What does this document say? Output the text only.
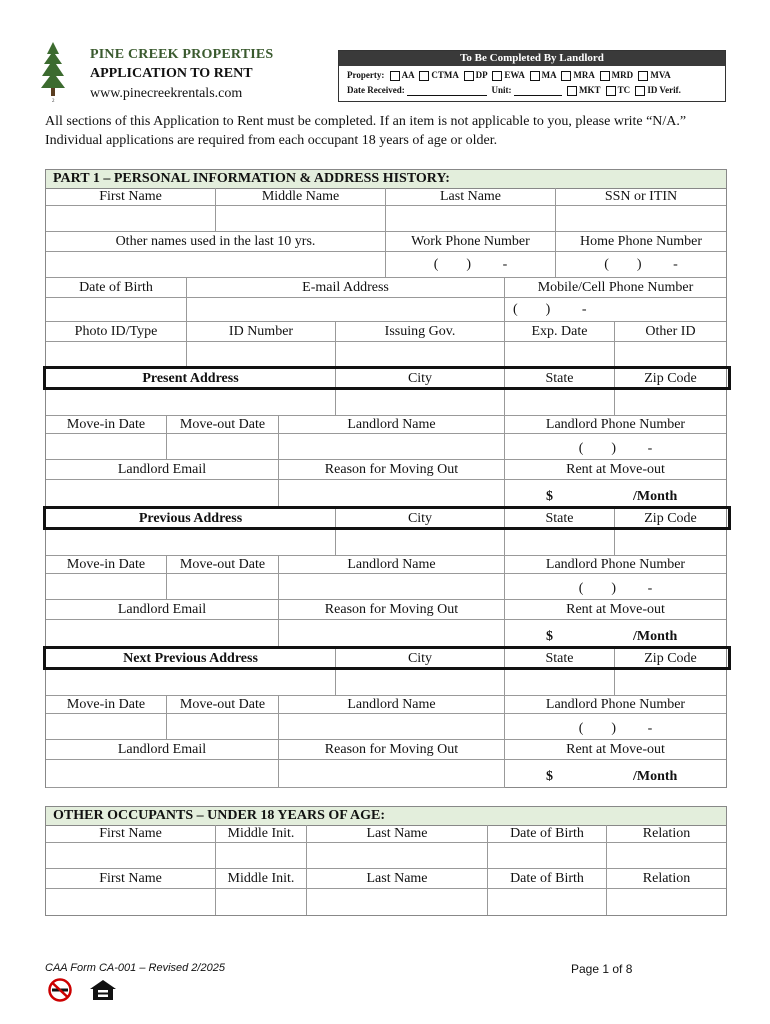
2
PINE CREEK PROPERTIES
APPLICATION TO RENT
www.pinecreekrentals.com
To Be Completed By Landlord
Property: AA CTMA DP EWA MA MRA MRD MVA
Date Received:	Unit:	MKT TC ID Verif.
All sections of this Application to Rent must be completed. If an item is not applicable to you, please write “N/A.”
Individual applications are required from each occupant 18 years of age or older.
PART 1 – PERSONAL INFORMATION & ADDRESS HISTORY:
First Name	Middle Name	Last Name	SSN or ITIN
Other names used in the last 10 yrs.	Work Phone Number	Home Phone Number
(        )         -	(        )         -
Date of Birth	E-mail Address	Mobile/Cell Phone Number
(        )         -
Photo ID/Type	ID Number	Issuing Gov.	Exp. Date	Other ID
Present Address	City	State	Zip Code
Move-in Date	Move-out Date	Landlord Name	Landlord Phone Number
(        )         -
Landlord Email	Reason for Moving Out	Rent at Move-out
$	/Month
Previous Address	City	State	Zip Code
Move-in Date	Move-out Date	Landlord Name	Landlord Phone Number
(        )         -
Landlord Email	Reason for Moving Out	Rent at Move-out
$	/Month
Next Previous Address	City	State	Zip Code
Move-in Date	Move-out Date	Landlord Name	Landlord Phone Number
(        )         -
Landlord Email	Reason for Moving Out	Rent at Move-out
$	/Month
OTHER OCCUPANTS – UNDER 18 YEARS OF AGE:
First Name	Middle Init.	Last Name	Date of Birth	Relation
First Name	Middle Init.	Last Name	Date of Birth	Relation
CAA Form CA-001 – Revised 2/2025	Page 1 of 8
